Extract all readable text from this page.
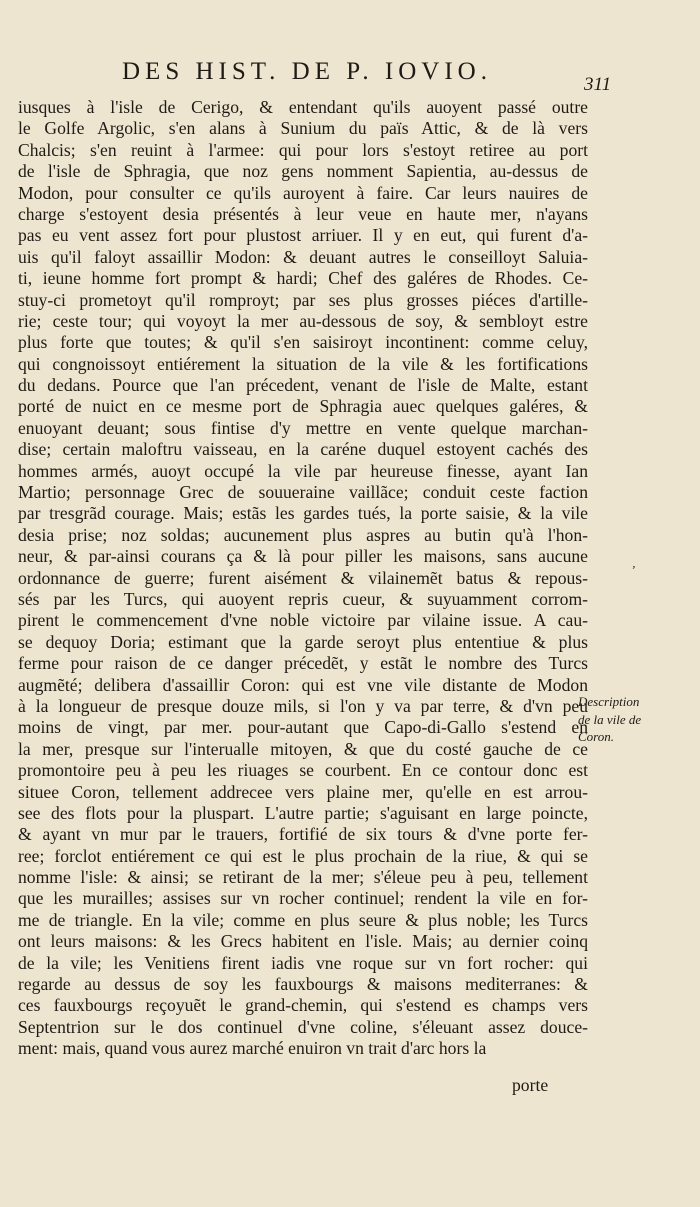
DES HIST. DE P. IOVIO.	311
ʼ
iusques à l'isle de Cerigo, & entendant qu'ils auoyent passé outre
le Golfe Argolic, s'en alans à Sunium du païs Attic, & de là vers
Chalcis; s'en reuint à l'armee: qui pour lors s'estoyt retiree au port
de l'isle de Sphragia, que noz gens nomment Sapientia, au-dessus de
Modon, pour consulter ce qu'ils auroyent à faire. Car leurs nauires de
charge s'estoyent desia présentés à leur veue en haute mer, n'ayans
pas eu vent assez fort pour plustost arriuer. Il y en eut, qui furent d'a-
uis qu'il faloyt assaillir Modon: & deuant autres le conseilloyt Saluia-
ti, ieune homme fort prompt & hardi; Chef des galéres de Rhodes. Ce-
stuy-ci prometoyt qu'il romproyt; par ses plus grosses piéces d'artille-
rie; ceste tour; qui voyoyt la mer au-dessous de soy, & sembloyt estre
plus forte que toutes; & qu'il s'en saisiroyt incontinent: comme celuy,
qui congnoissoyt entiérement la situation de la vile & les fortifications
du dedans. Pource que l'an précedent, venant de l'isle de Malte, estant
porté de nuict en ce mesme port de Sphragia auec quelques galéres, &
enuoyant deuant; sous fintise d'y mettre en vente quelque marchan-
dise; certain maloftru vaisseau, en la caréne duquel estoyent cachés des
hommes armés, auoyt occupé la vile par heureuse finesse, ayant Ian
Martio; personnage Grec de souueraine vaillãce; conduit ceste faction
par tresgrãd courage. Mais; estãs les gardes tués, la porte saisie, & la vile
desia prise; noz soldas; aucunement plus aspres au butin qu'à l'hon-
neur, & par-ainsi courans ça & là pour piller les maisons, sans aucune
ordonnance de guerre; furent aisément & vilainemẽt batus & repous-
sés par les Turcs, qui auoyent repris cueur, & suyuamment corrom-
pirent le commencement d'vne noble victoire par vilaine issue. A cau-
se dequoy Doria; estimant que la garde seroyt plus ententiue & plus
ferme pour raison de ce danger précedẽt, y estãt le nombre des Turcs
augmẽté; delibera d'assaillir Coron: qui est vne vile distante de Modon
à la longueur de presque douze mils, si l'on y va par terre, & d'vn peu
moins de vingt, par mer. pour-autant que Capo-di-Gallo s'estend en
la mer, presque sur l'interualle mitoyen, & que du costé gauche de ce
promontoire peu à peu les riuages se courbent. En ce contour donc est
situee Coron, tellement addrecee vers plaine mer, qu'elle en est arrou-
see des flots pour la pluspart. L'autre partie; s'aguisant en large poincte,
& ayant vn mur par le trauers, fortifié de six tours & d'vne porte fer-
ree; forclot entiérement ce qui est le plus prochain de la riue, & qui se
nomme l'isle: & ainsi; se retirant de la mer; s'éleue peu à peu, tellement
que les murailles; assises sur vn rocher continuel; rendent la vile en for-
me de triangle. En la vile; comme en plus seure & plus noble; les Turcs
ont leurs maisons: & les Grecs habitent en l'isle. Mais; au dernier coinq
de la vile; les Venitiens firent iadis vne roque sur vn fort rocher: qui
regarde au dessus de soy les fauxbourgs & maisons mediterranes: &
ces fauxbourgs reçoyuẽt le grand-chemin, qui s'estend es champs vers
Septentrion sur le dos continuel d'vne coline, s'éleuant assez douce-
ment: mais, quand vous aurez marché enuiron vn trait d'arc hors la
Description
de la vile de
Coron.
porte
